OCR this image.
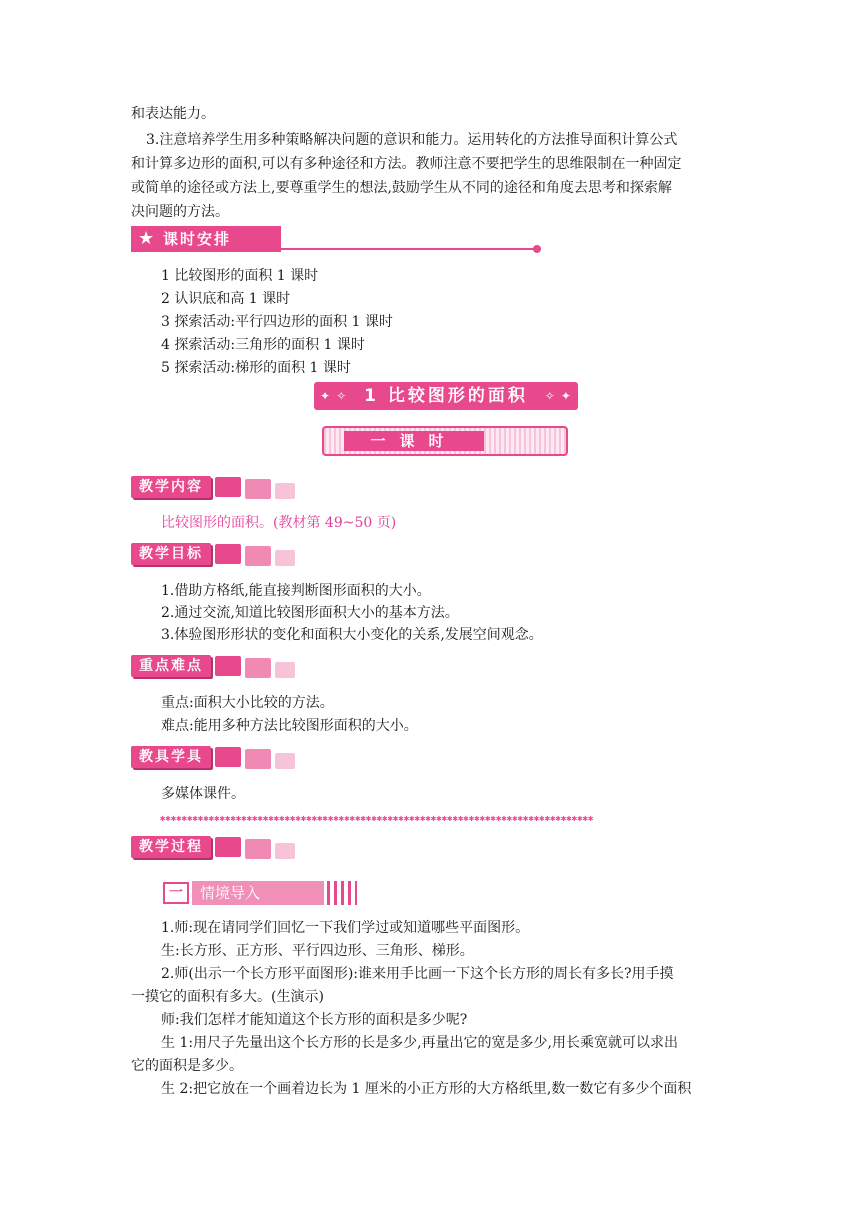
和表达能力。
3.注意培养学生用多种策略解决问题的意识和能力。运用转化的方法推导面积计算公式
和计算多边形的面积,可以有多种途径和方法。教师注意不要把学生的思维限制在一种固定
或简单的途径或方法上,要尊重学生的想法,鼓励学生从不同的途径和角度去思考和探索解
决问题的方法。
★ 课时安排
1 比较图形的面积 1 课时
2 认识底和高 1 课时
3 探索活动:平行四边形的面积 1 课时
4 探索活动:三角形的面积 1 课时
5 探索活动:梯形的面积 1 课时
✦ ✧ 1 比较图形的面积 ✧ ✦
一课时
教学内容
比较图形的面积。(教材第 49~50 页)
教学目标
1.借助方格纸,能直接判断图形面积的大小。
2.通过交流,知道比较图形面积大小的基本方法。
3.体验图形形状的变化和面积大小变化的关系,发展空间观念。
重点难点
重点:面积大小比较的方法。
难点:能用多种方法比较图形面积的大小。
教具学具
多媒体课件。
✱✱✱✱✱✱✱✱✱✱✱✱✱✱✱✱✱✱✱✱✱✱✱✱✱✱✱✱✱✱✱✱✱✱✱✱✱✱✱✱✱✱✱✱✱✱✱✱✱✱✱✱✱✱✱✱✱✱✱✱✱✱✱✱✱✱✱✱✱✱✱✱✱✱✱✱✱✱✱✱
教学过程
一	情境导入
1.师:现在请同学们回忆一下我们学过或知道哪些平面图形。
生:长方形、正方形、平行四边形、三角形、梯形。
2.师(出示一个长方形平面图形):谁来用手比画一下这个长方形的周长有多长?用手摸
一摸它的面积有多大。(生演示)
师:我们怎样才能知道这个长方形的面积是多少呢?
生 1:用尺子先量出这个长方形的长是多少,再量出它的宽是多少,用长乘宽就可以求出
它的面积是多少。
生 2:把它放在一个画着边长为 1 厘米的小正方形的大方格纸里,数一数它有多少个面积
